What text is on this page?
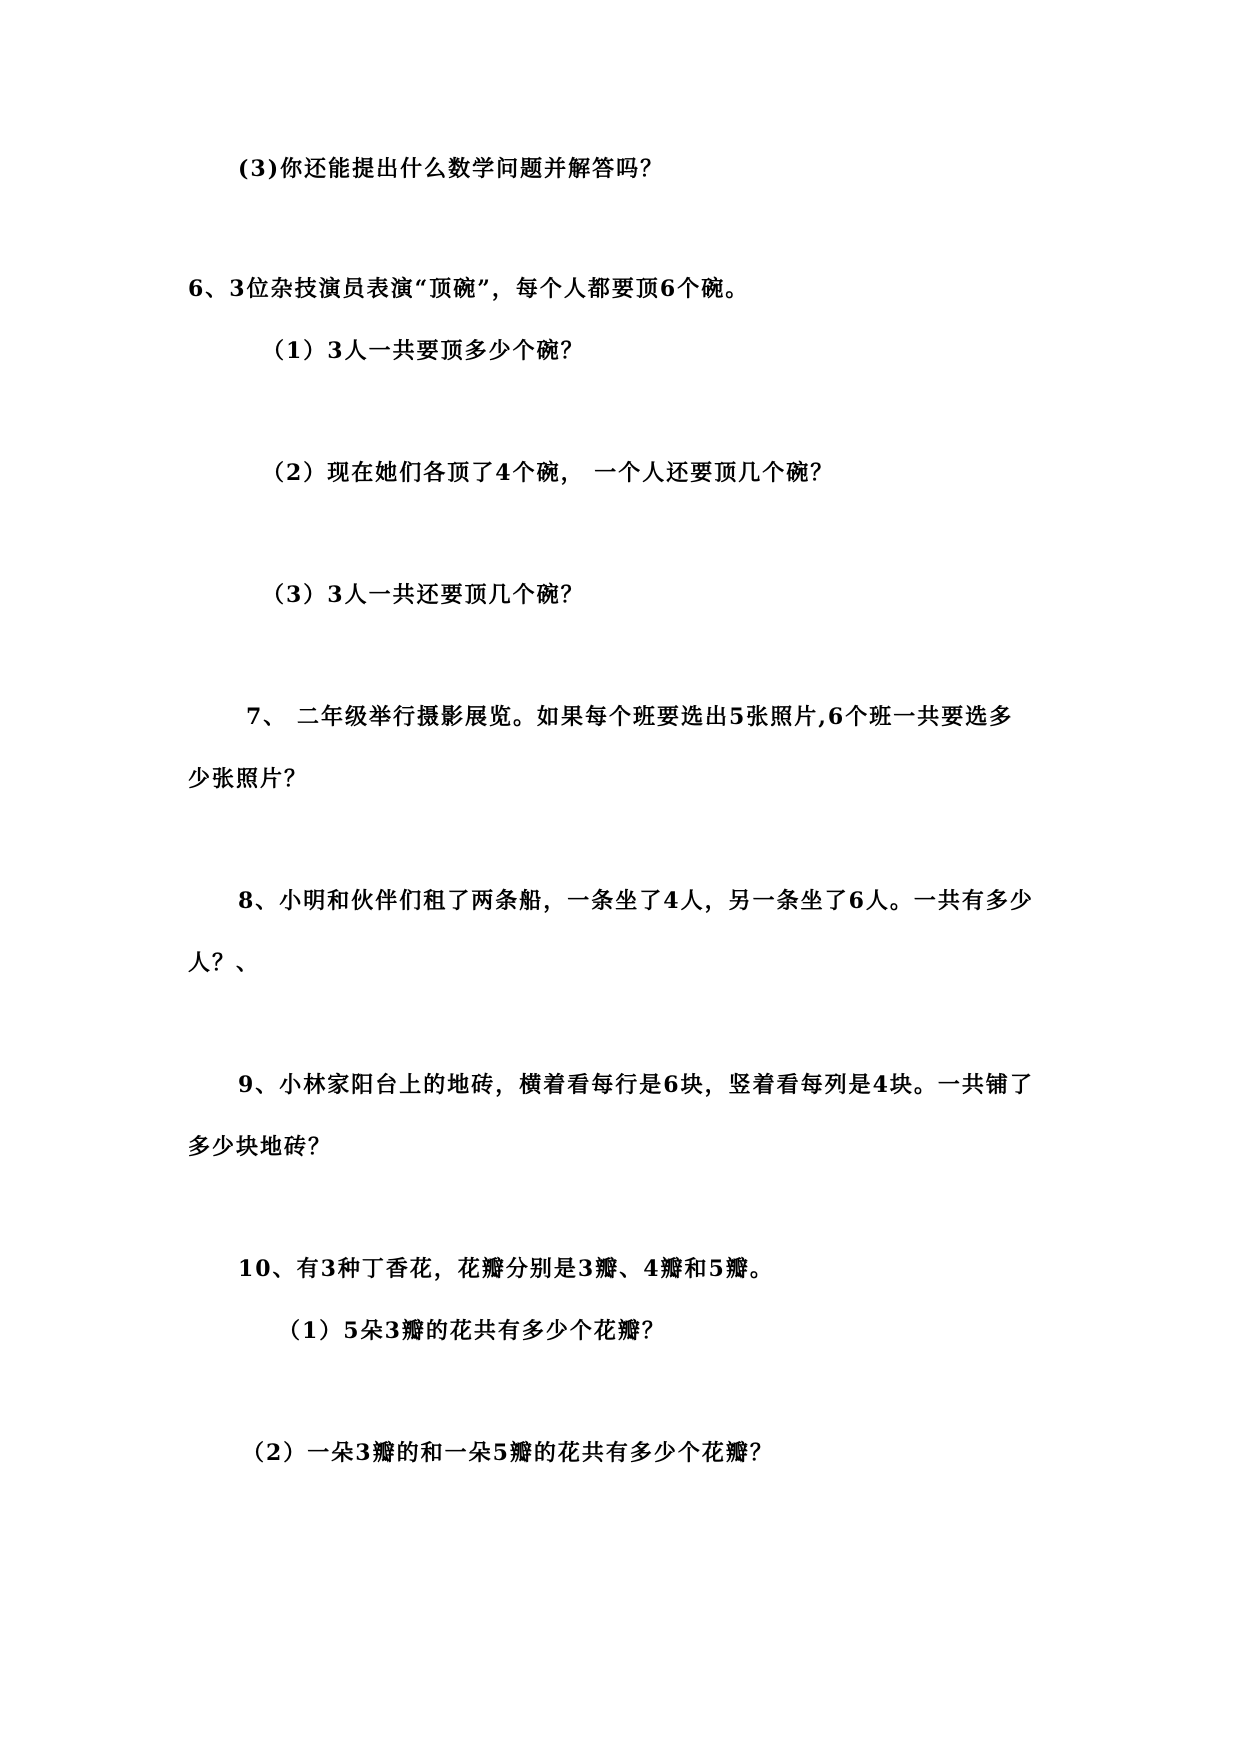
(3)你还能提出什么数学问题并解答吗？
6、3位杂技演员表演“顶碗”，每个人都要顶6个碗。
（1）3人一共要顶多少个碗？
（2）现在她们各顶了4个碗， 一个人还要顶几个碗？
（3）3人一共还要顶几个碗？
7、 二年级举行摄影展览。如果每个班要选出5张照片,6个班一共要选多
少张照片？
8、小明和伙伴们租了两条船，一条坐了4人，另一条坐了6人。一共有多少
人？、
9、小林家阳台上的地砖，横着看每行是6块，竖着看每列是4块。一共铺了
多少块地砖？
10、有3种丁香花，花瓣分别是3瓣、4瓣和5瓣。
（1）5朵3瓣的花共有多少个花瓣？
（2）一朵3瓣的和一朵5瓣的花共有多少个花瓣？
